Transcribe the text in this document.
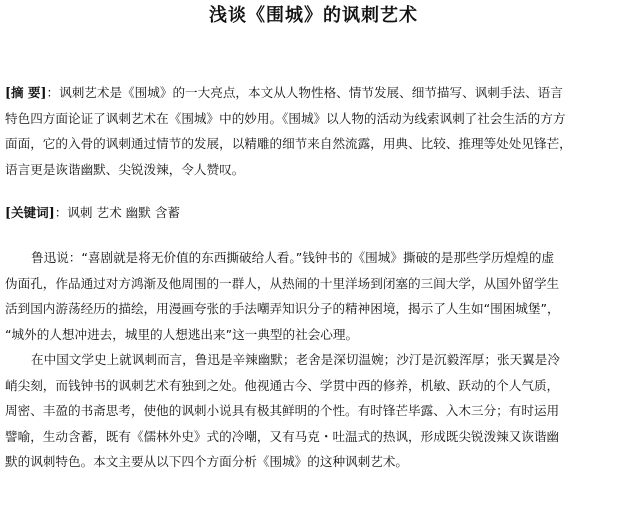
浅谈《围城》的讽刺艺术
[摘 要]：讽刺艺术是《围城》的一大亮点，本文从人物性格、情节发展、细节描写、讽刺手法、语言
特色四方面论证了讽刺艺术在《围城》中的妙用。《围城》以人物的活动为线索讽刺了社会生活的方方
面面，它的入骨的讽刺通过情节的发展，以精雕的细节来自然流露，用典、比较、推理等处处见锋芒，
语言更是诙谐幽默、尖锐泼辣，令人赞叹。
[关键词]：讽刺 艺术 幽默 含蓄
鲁迅说：“喜剧就是将无价值的东西撕破给人看。”钱钟书的《围城》撕破的是那些学历煌煌的虚
伪面孔，作品通过对方鸿渐及他周围的一群人，从热闹的十里洋场到闭塞的三闾大学，从国外留学生
活到国内游荡经历的描绘，用漫画夸张的手法嘲弄知识分子的精神困境，揭示了人生如“围困城堡”，
“城外的人想冲进去，城里的人想逃出来”这一典型的社会心理。
在中国文学史上就讽刺而言，鲁迅是辛辣幽默；老舍是深切温婉；沙汀是沉毅浑厚；张天翼是冷
峭尖刻，而钱钟书的讽刺艺术有独到之处。他视通古今、学贯中西的修养，机敏、跃动的个人气质，
周密、丰盈的书斋思考，使他的讽刺小说具有极其鲜明的个性。有时锋芒毕露、入木三分；有时运用
譬喻，生动含蓄，既有《儒林外史》式的冷嘲，又有马克・吐温式的热讽，形成既尖锐泼辣又诙谐幽
默的讽刺特色。本文主要从以下四个方面分析《围城》的这种讽刺艺术。
